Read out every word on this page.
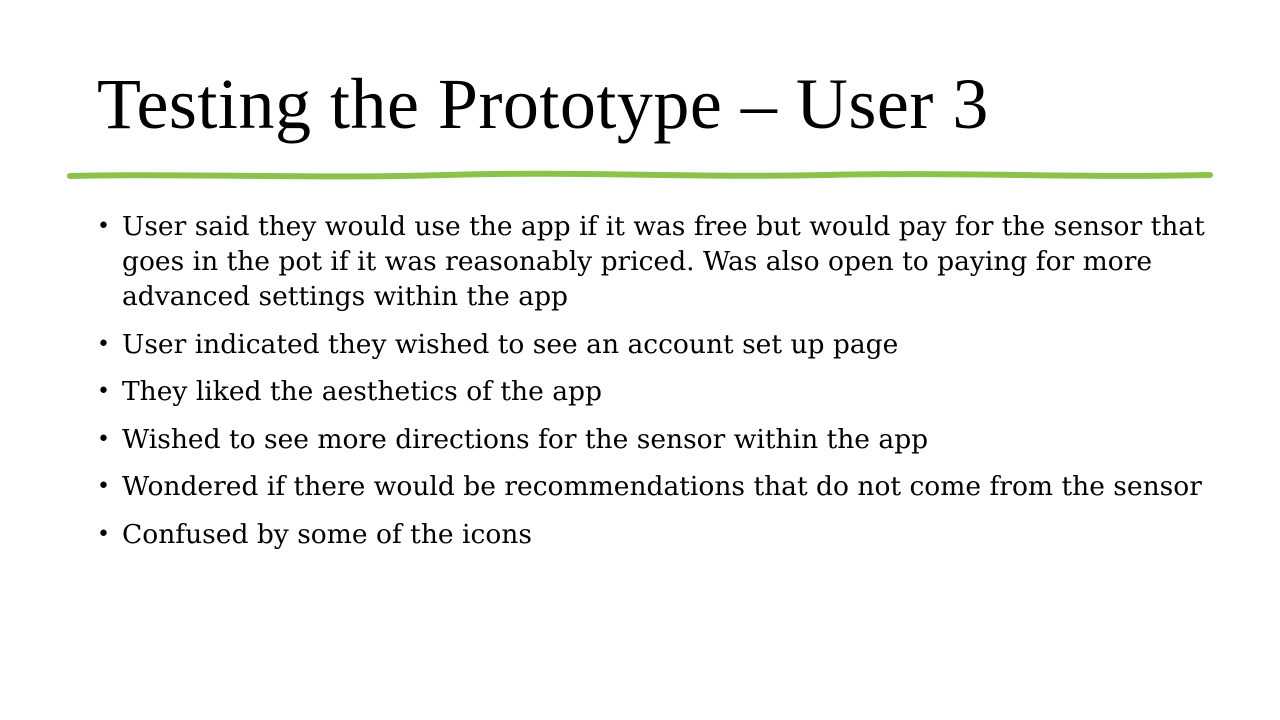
Testing the Prototype – User 3
• User said they would use the app if it was free but would pay for the sensor that goes in the pot if it was reasonably priced. Was also open to paying for more advanced settings within the app
• User indicated they wished to see an account set up page
• They liked the aesthetics of the app
• Wished to see more directions for the sensor within the app
• Wondered if there would be recommendations that do not come from the sensor
• Confused by some of the icons
